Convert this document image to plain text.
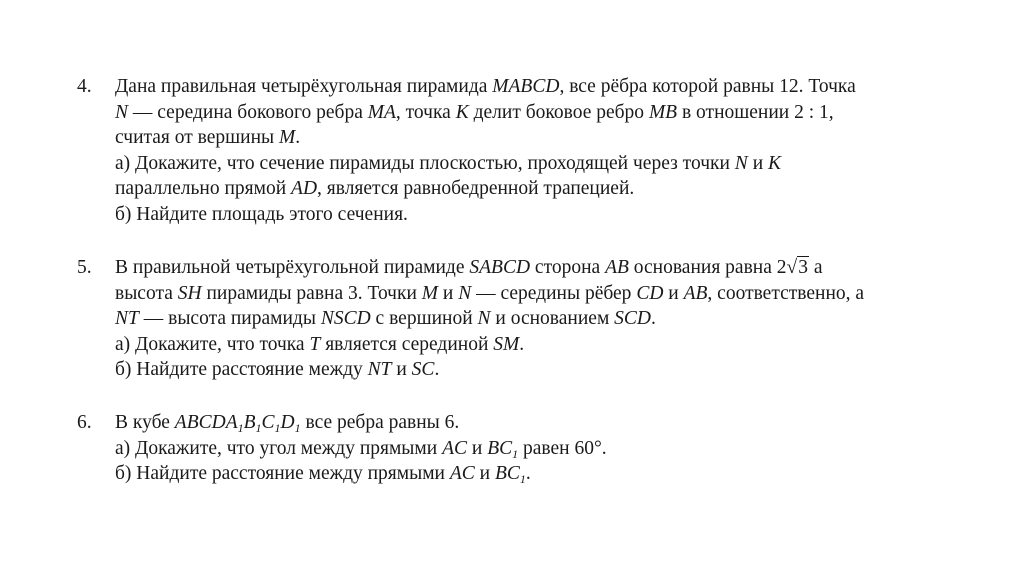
4.	Дана правильная четырёхугольная пирамида MABCD, все рёбра которой равны 12. Точка
N — середина бокового ребра MA, точка K делит боковое ребро MB в отношении 2 : 1,
считая от вершины M.
а) Докажите, что сечение пирамиды плоскостью, проходящей через точки N и K
параллельно прямой AD, является равнобедренной трапецией.
б) Найдите площадь этого сечения.
5.	В правильной четырёхугольной пирамиде SABCD сторона AB основания равна 2√3 а
высота SH пирамиды равна 3. Точки M и N — середины рёбер CD и AB, соответственно, а
NT — высота пирамиды NSCD с вершиной N и основанием SCD.
а) Докажите, что точка T является серединой SM.
б) Найдите расстояние между NT и SC.
6.	В кубе $ABCDA_1B_1C_1D_1$ все ребра равны 6.
а) Докажите, что угол между прямыми AC и $BC_1$ равен 60°.
б) Найдите расстояние между прямыми AC и $BC_1$.
